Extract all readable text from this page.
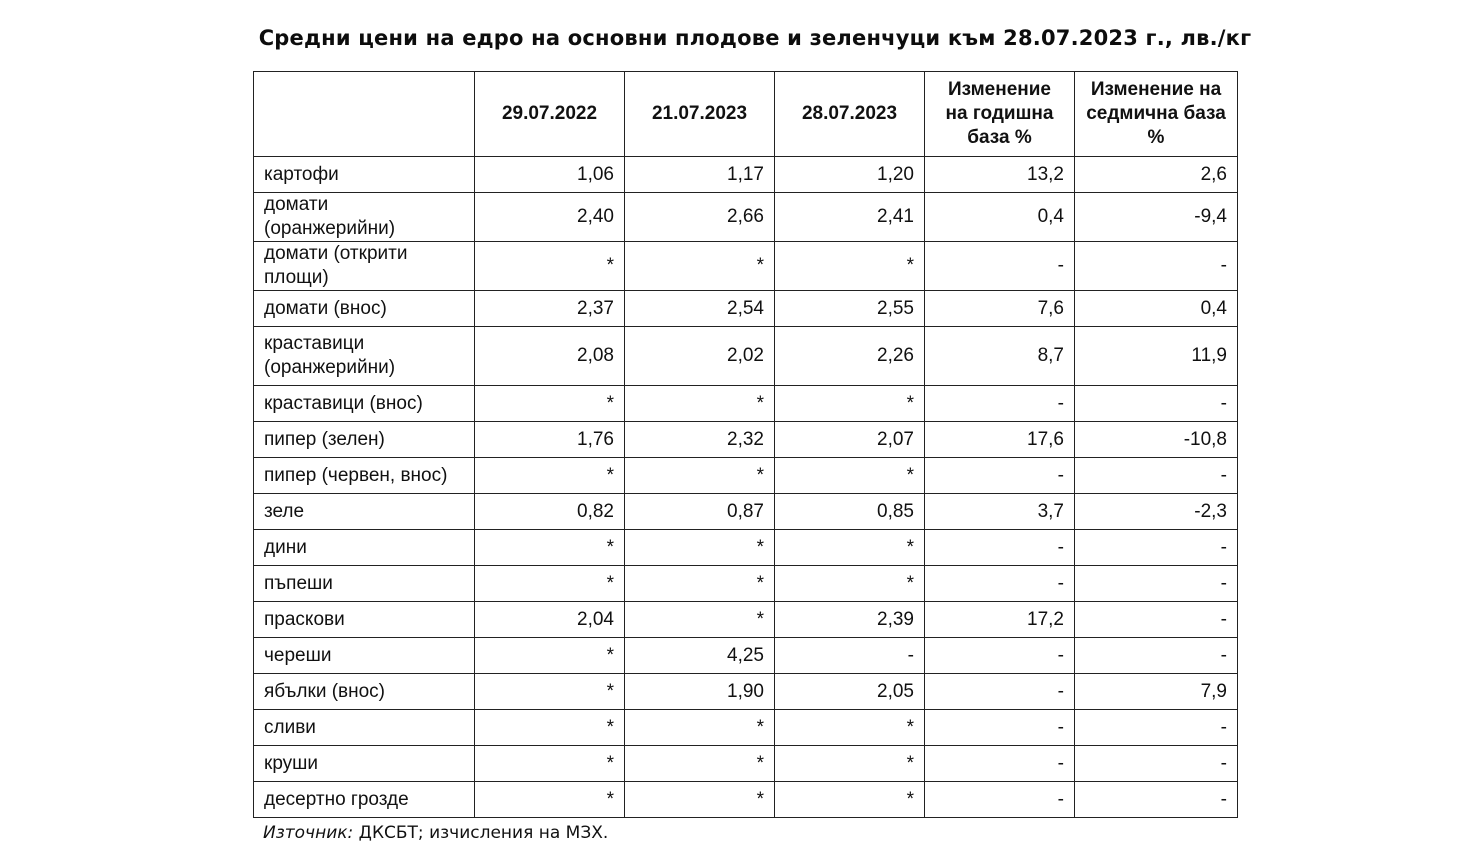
Средни цени на едро на основни плодове и зеленчуци към 28.07.2023 г., лв./кг
	29.07.2022	21.07.2023	28.07.2023	Изменение на годишна база %	Изменение на седмична база %
картофи	1,06	1,17	1,20	13,2	2,6
домати (оранжерийни)	2,40	2,66	2,41	0,4	-9,4
домати (открити площи)	*	*	*	-	-
домати (внос)	2,37	2,54	2,55	7,6	0,4
краставици (оранжерийни)	2,08	2,02	2,26	8,7	11,9
краставици (внос)	*	*	*	-	-
пипер (зелен)	1,76	2,32	2,07	17,6	-10,8
пипер (червен, внос)	*	*	*	-	-
зеле	0,82	0,87	0,85	3,7	-2,3
дини	*	*	*	-	-
пъпеши	*	*	*	-	-
праскови	2,04	*	2,39	17,2	-
череши	*	4,25	-	-	-
ябълки (внос)	*	1,90	2,05	-	7,9
сливи	*	*	*	-	-
круши	*	*	*	-	-
десертно грозде	*	*	*	-	-
Източник: ДКСБТ; изчисления на МЗХ.
